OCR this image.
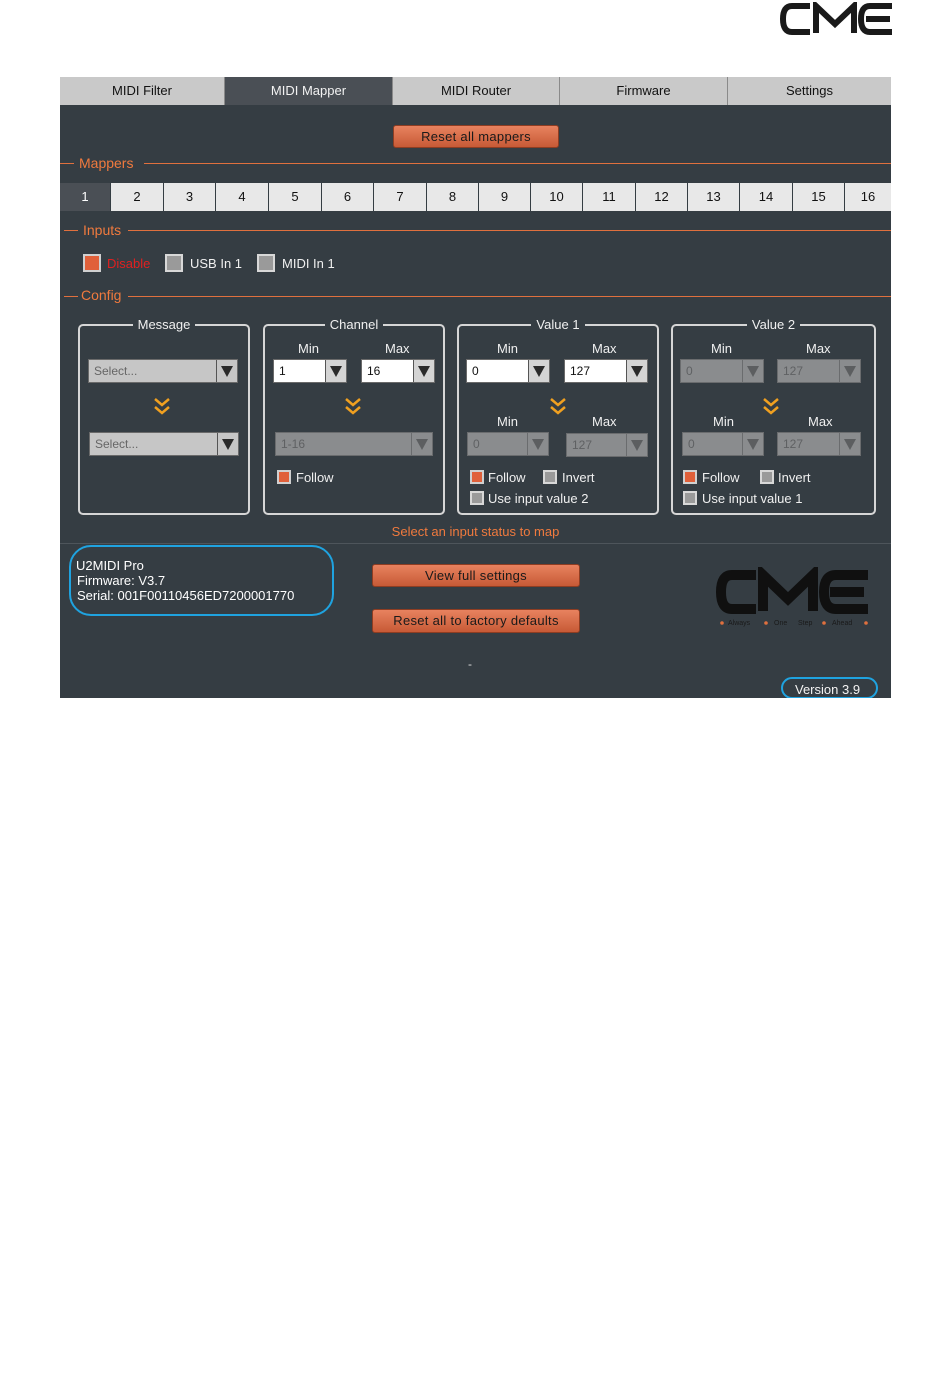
MIDI Filter	MIDI Mapper	MIDI Router	Firmware	Settings
Reset all mappers
Mappers
1	2	3	4	5	6	7	8	9	10	11	12	13	14	15	16
Inputs
Disable	USB In 1	MIDI In 1
Config
Message
Select...
Select...
Channel
Min	Max
1	16
1-16
Follow
Value 1
Min	Max
0	127
Min	Max
0	127
Follow	Invert
Use input value 2
Value 2
Min	Max
0	127
Min	Max
0	127
Follow	Invert
Use input value 1
Select an input status to map
U2MIDI Pro
Firmware: V3.7
Serial: 001F00110456ED7200001770
View full settings
Reset all to factory defaults	Always	One Step	Ahead
-
Version 3.9
